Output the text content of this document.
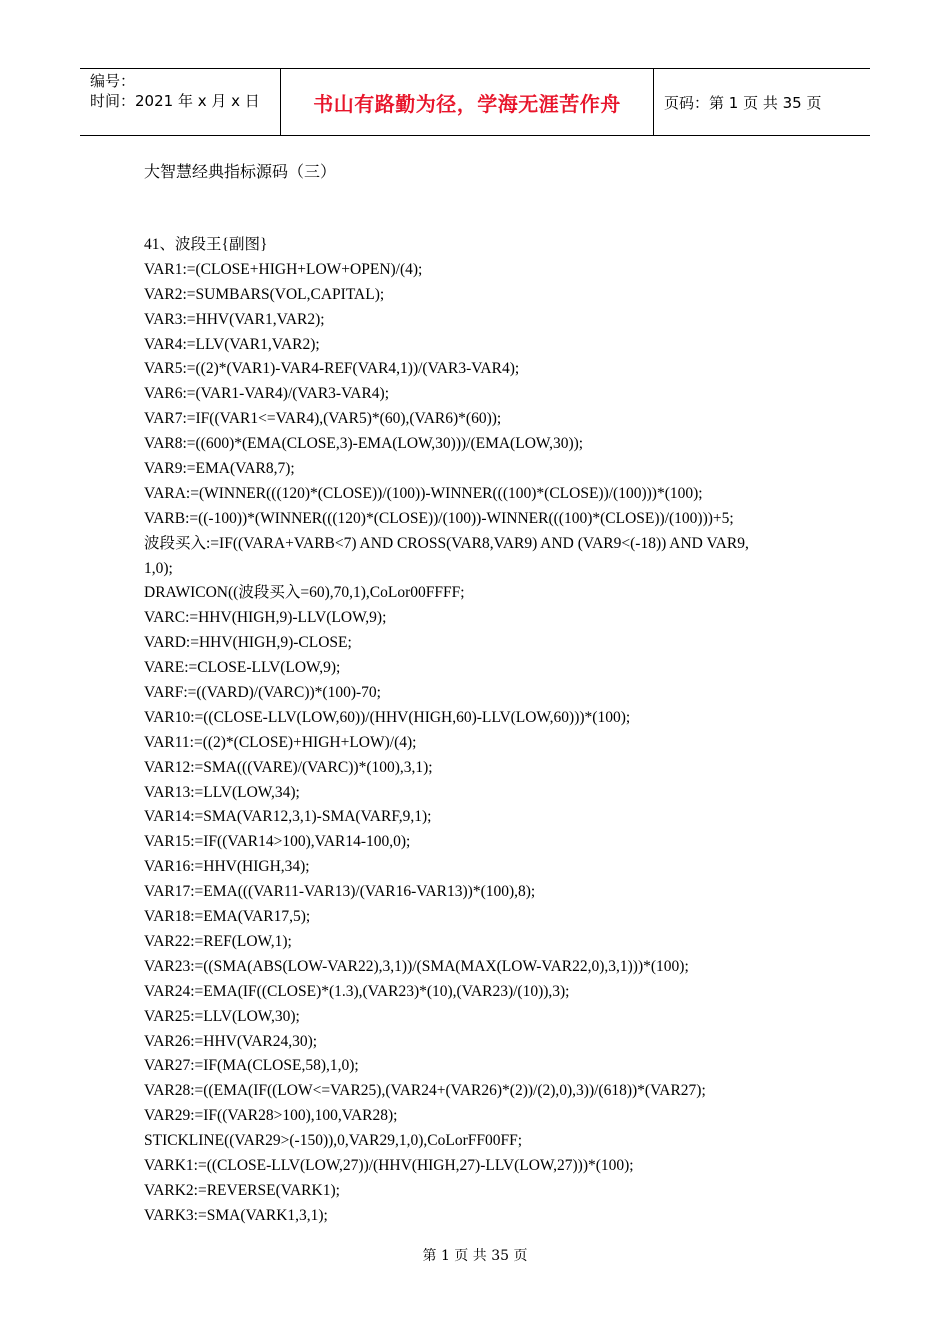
编号：
时间：2021 年 x 月 x 日	书山有路勤为径，学海无涯苦作舟	页码：第 1 页 共 35 页
大智慧经典指标源码（三）
41、波段王{副图}
VAR1:=(CLOSE+HIGH+LOW+OPEN)/(4);
VAR2:=SUMBARS(VOL,CAPITAL);
VAR3:=HHV(VAR1,VAR2);
VAR4:=LLV(VAR1,VAR2);
VAR5:=((2)*(VAR1)-VAR4-REF(VAR4,1))/(VAR3-VAR4);
VAR6:=(VAR1-VAR4)/(VAR3-VAR4);
VAR7:=IF((VAR1<=VAR4),(VAR5)*(60),(VAR6)*(60));
VAR8:=((600)*(EMA(CLOSE,3)-EMA(LOW,30)))/(EMA(LOW,30));
VAR9:=EMA(VAR8,7);
VARA:=(WINNER(((120)*(CLOSE))/(100))-WINNER(((100)*(CLOSE))/(100)))*(100);
VARB:=((-100))*(WINNER(((120)*(CLOSE))/(100))-WINNER(((100)*(CLOSE))/(100)))+5;
波段买入:=IF((VARA+VARB<7) AND CROSS(VAR8,VAR9) AND (VAR9<(-18)) AND VAR9,
1,0);
DRAWICON((波段买入=60),70,1),CoLor00FFFF;
VARC:=HHV(HIGH,9)-LLV(LOW,9);
VARD:=HHV(HIGH,9)-CLOSE;
VARE:=CLOSE-LLV(LOW,9);
VARF:=((VARD)/(VARC))*(100)-70;
VAR10:=((CLOSE-LLV(LOW,60))/(HHV(HIGH,60)-LLV(LOW,60)))*(100);
VAR11:=((2)*(CLOSE)+HIGH+LOW)/(4);
VAR12:=SMA(((VARE)/(VARC))*(100),3,1);
VAR13:=LLV(LOW,34);
VAR14:=SMA(VAR12,3,1)-SMA(VARF,9,1);
VAR15:=IF((VAR14>100),VAR14-100,0);
VAR16:=HHV(HIGH,34);
VAR17:=EMA(((VAR11-VAR13)/(VAR16-VAR13))*(100),8);
VAR18:=EMA(VAR17,5);
VAR22:=REF(LOW,1);
VAR23:=((SMA(ABS(LOW-VAR22),3,1))/(SMA(MAX(LOW-VAR22,0),3,1)))*(100);
VAR24:=EMA(IF((CLOSE)*(1.3),(VAR23)*(10),(VAR23)/(10)),3);
VAR25:=LLV(LOW,30);
VAR26:=HHV(VAR24,30);
VAR27:=IF(MA(CLOSE,58),1,0);
VAR28:=((EMA(IF((LOW<=VAR25),(VAR24+(VAR26)*(2))/(2),0),3))/(618))*(VAR27);
VAR29:=IF((VAR28>100),100,VAR28);
STICKLINE((VAR29>(-150)),0,VAR29,1,0),CoLorFF00FF;
VARK1:=((CLOSE-LLV(LOW,27))/(HHV(HIGH,27)-LLV(LOW,27)))*(100);
VARK2:=REVERSE(VARK1);
VARK3:=SMA(VARK1,3,1);
第 1 页 共 35 页
